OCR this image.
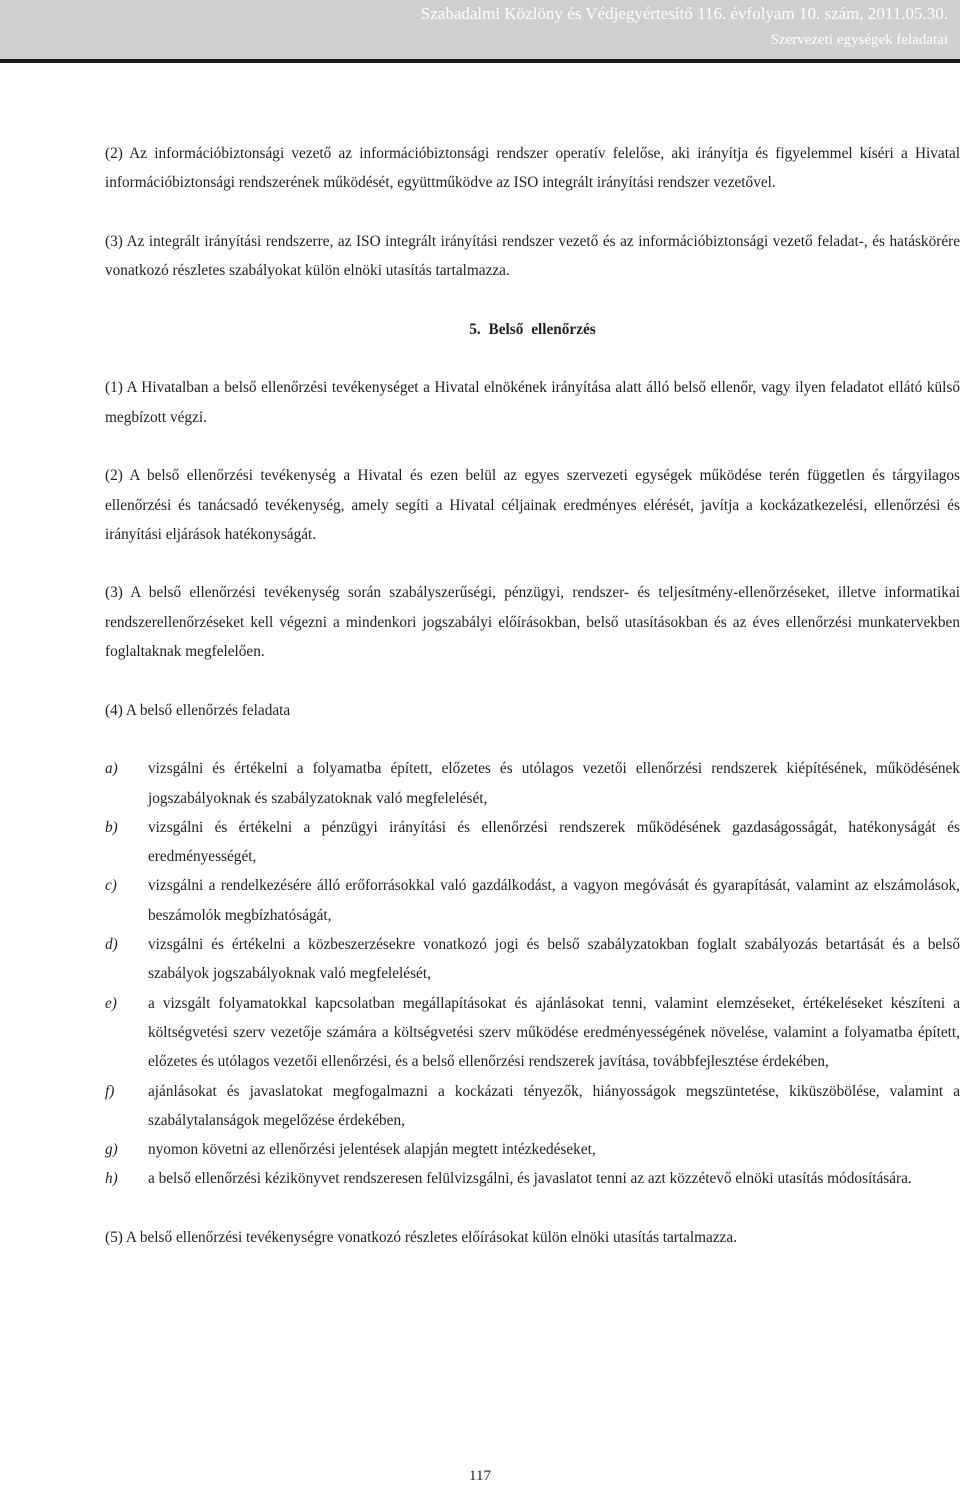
Szabadalmi Közlöny és Védjegyértesítő 116. évfolyam 10. szám, 2011.05.30.
Szervezeti egységek feladatai

(2) Az információbiztonsági vezető az információbiztonsági rendszer operatív felelőse, aki irányítja és figyelemmel kíséri a Hivatal információbiztonsági rendszerének működését, együttműködve az ISO integrált irányítási rendszer vezetővel.

(3) Az integrált irányítási rendszerre, az ISO integrált irányítási rendszer vezető és az információbiztonsági vezető feladat-, és hatáskörére vonatkozó részletes szabályokat külön elnöki utasítás tartalmazza.

5. Belső ellenőrzés

(1) A Hivatalban a belső ellenőrzési tevékenységet a Hivatal elnökének irányítása alatt álló belső ellenőr, vagy ilyen feladatot ellátó külső megbízott végzi.

(2) A belső ellenőrzési tevékenység a Hivatal és ezen belül az egyes szervezeti egységek működése terén független és tárgyilagos ellenőrzési és tanácsadó tevékenység, amely segíti a Hivatal céljainak eredményes elérését, javítja a kockázatkezelési, ellenőrzési és irányítási eljárások hatékonyságát.

(3) A belső ellenőrzési tevékenység során szabályszerűségi, pénzügyi, rendszer- és teljesítmény-ellenőrzéseket, illetve informatikai rendszerellenőrzéseket kell végezni a mindenkori jogszabályi előírásokban, belső utasításokban és az éves ellenőrzési munkatervekben foglaltaknak megfelelően.

(4) A belső ellenőrzés feladata

a)	vizsgálni és értékelni a folyamatba épített, előzetes és utólagos vezetői ellenőrzési rendszerek kiépítésének, működésének jogszabályoknak és szabályzatoknak való megfelelését,
b)	vizsgálni és értékelni a pénzügyi irányítási és ellenőrzési rendszerek működésének gazdaságosságát, hatékonyságát és eredményességét,
c)	vizsgálni a rendelkezésére álló erőforrásokkal való gazdálkodást, a vagyon megóvását és gyarapítását, valamint az elszámolások, beszámolók megbízhatóságát,
d)	vizsgálni és értékelni a közbeszerzésekre vonatkozó jogi és belső szabályzatokban foglalt szabályozás betartását és a belső szabályok jogszabályoknak való megfelelését,
e)	a vizsgált folyamatokkal kapcsolatban megállapításokat és ajánlásokat tenni, valamint elemzéseket, értékeléseket készíteni a költségvetési szerv vezetője számára a költségvetési szerv működése eredményességének növelése, valamint a folyamatba épített, előzetes és utólagos vezetői ellenőrzési, és a belső ellenőrzési rendszerek javítása, továbbfejlesztése érdekében,
f)	ajánlásokat és javaslatokat megfogalmazni a kockázati tényezők, hiányosságok megszüntetése, kiküszöbölése, valamint a szabálytalanságok megelőzése érdekében,
g)	nyomon követni az ellenőrzési jelentések alapján megtett intézkedéseket,
h)	a belső ellenőrzési kézikönyvet rendszeresen felülvizsgálni, és javaslatot tenni az azt közzétevő elnöki utasítás módosítására.

(5) A belső ellenőrzési tevékenységre vonatkozó részletes előírásokat külön elnöki utasítás tartalmazza.

117
